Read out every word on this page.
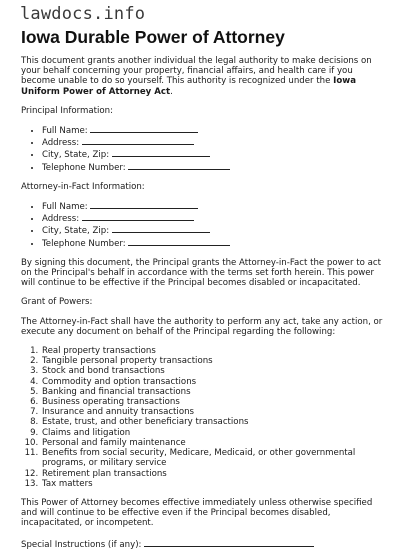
lawdocs.info
Iowa Durable Power of Attorney

This document grants another individual the legal authority to make decisions on your behalf concerning your property, financial affairs, and health care if you become unable to do so yourself. This authority is recognized under the Iowa Uniform Power of Attorney Act.

Principal Information:

• Full Name:
• Address:
• City, State, Zip:
• Telephone Number:

Attorney-in-Fact Information:

• Full Name:
• Address:
• City, State, Zip:
• Telephone Number:

By signing this document, the Principal grants the Attorney-in-Fact the power to act on the Principal's behalf in accordance with the terms set forth herein. This power will continue to be effective if the Principal becomes disabled or incapacitated.

Grant of Powers:

The Attorney-in-Fact shall have the authority to perform any act, take any action, or execute any document on behalf of the Principal regarding the following:

1. Real property transactions
2. Tangible personal property transactions
3. Stock and bond transactions
4. Commodity and option transactions
5. Banking and financial transactions
6. Business operating transactions
7. Insurance and annuity transactions
8. Estate, trust, and other beneficiary transactions
9. Claims and litigation
10. Personal and family maintenance
11. Benefits from social security, Medicare, Medicaid, or other governmental programs, or military service
12. Retirement plan transactions
13. Tax matters

This Power of Attorney becomes effective immediately unless otherwise specified and will continue to be effective even if the Principal becomes disabled, incapacitated, or incompetent.

Special Instructions (if any):
